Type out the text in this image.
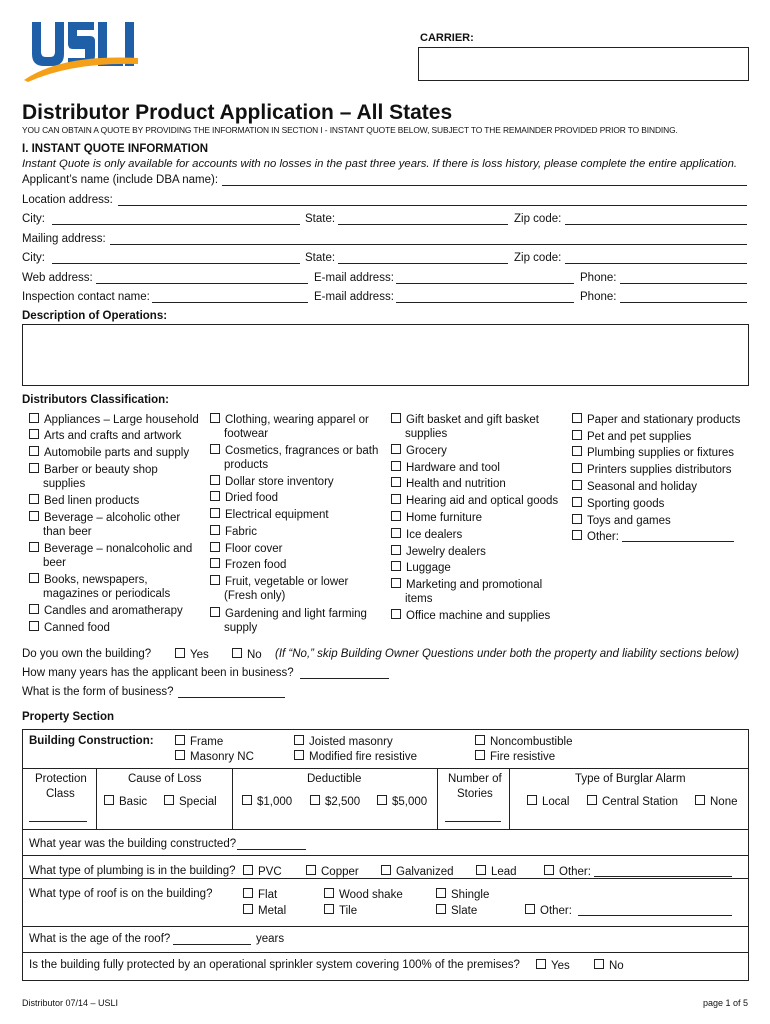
CARRIER:
Distributor Product Application – All States
YOU CAN OBTAIN A QUOTE BY PROVIDING THE INFORMATION IN SECTION I - INSTANT QUOTE BELOW, SUBJECT TO THE REMAINDER PROVIDED PRIOR TO BINDING.
I. INSTANT QUOTE INFORMATION
Instant Quote is only available for accounts with no losses in the past three years. If there is loss history, please complete the entire application.
Applicant’s name (include DBA name):
Location address:
City:	State:	Zip code:
Mailing address:
City:	State:	Zip code:
Web address:	E-mail address:	Phone:
Inspection contact name:	E-mail address:	Phone:
Description of Operations:
Distributors Classification:
Appliances – Large household
Arts and crafts and artwork
Automobile parts and supply
Barber or beauty shop
supplies
Bed linen products
Beverage – alcoholic other
than beer
Beverage – nonalcoholic and
beer
Books, newspapers,
magazines or periodicals
Candles and aromatherapy
Canned food
Clothing, wearing apparel or
footwear
Cosmetics, fragrances or bath
products
Dollar store inventory
Dried food
Electrical equipment
Fabric
Floor cover
Frozen food
Fruit, vegetable or lower
(Fresh only)
Gardening and light farming
supply
Gift basket and gift basket
supplies
Grocery
Hardware and tool
Health and nutrition
Hearing aid and optical goods
Home furniture
Ice dealers
Jewelry dealers
Luggage
Marketing and promotional
items
Office machine and supplies
Paper and stationary products
Pet and pet supplies
Plumbing supplies or fixtures
Printers supplies distributors
Seasonal and holiday
Sporting goods
Toys and games
Other:
Do you own the building?	Yes	No (If “No,” skip Building Owner Questions under both the property and liability sections below)
How many years has the applicant been in business?
What is the form of business?
Property Section
Building Construction:	Frame
Masonry NC
Joisted masonry
Modified fire resistive
Noncombustible
Fire resistive
Protection
Class
Cause of Loss
Basic	Special
Deductible
$1,000	$2,500	$5,000
Number of
Stories
Type of Burglar Alarm
Local	Central Station	None
What year was the building constructed?
What type of plumbing is in the building?	PVC	Copper	Galvanized	Lead	Other:
What type of roof is on the building?	Flat
Metal
Wood shake
Tile
Shingle
Slate	Other:
What is the age of the roof?	years
Is the building fully protected by an operational sprinkler system covering 100% of the premises?	Yes	No
Distributor 07/14 – USLI	page 1 of 5
